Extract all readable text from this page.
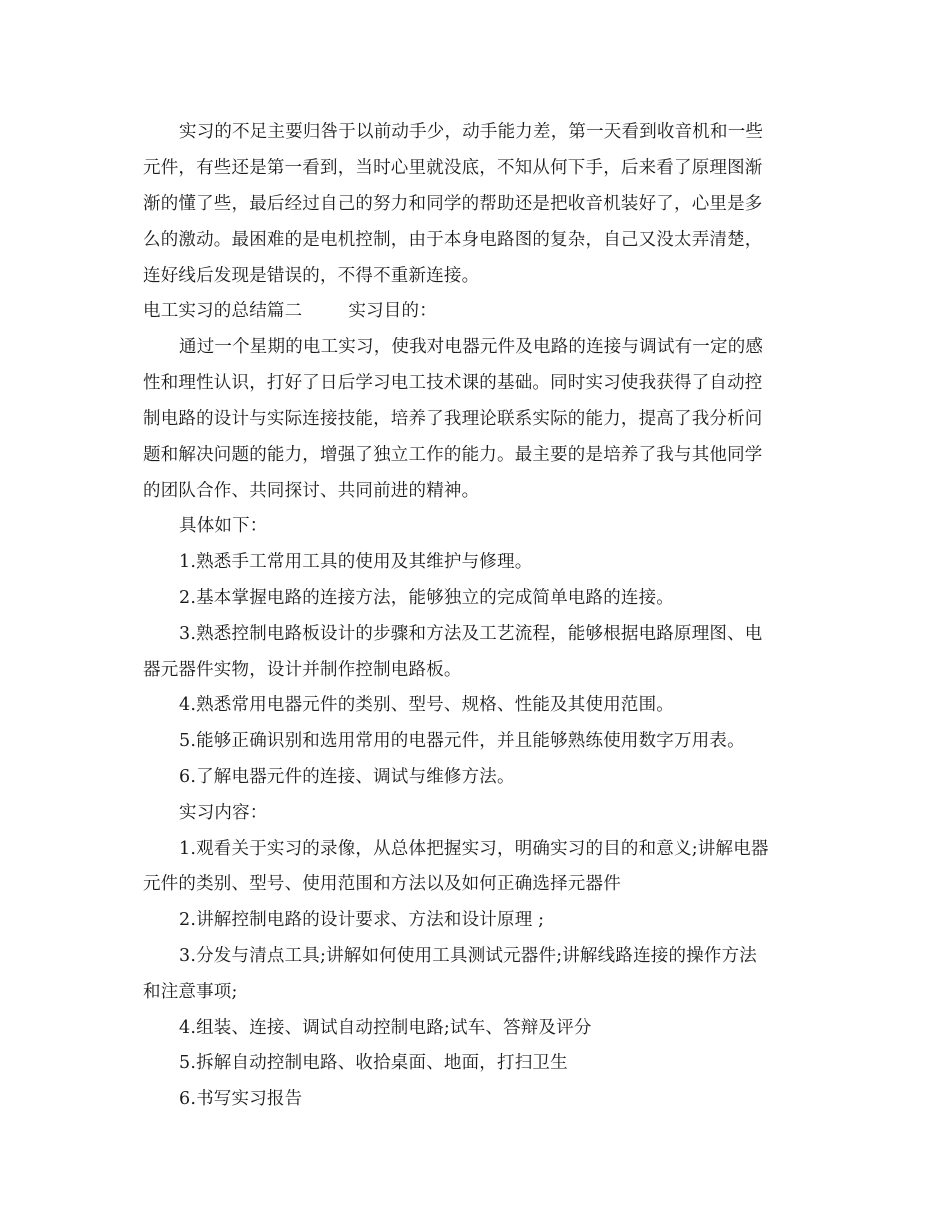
实习的不足主要归咎于以前动手少，动手能力差，第一天看到收音机和一些
元件，有些还是第一看到，当时心里就没底，不知从何下手，后来看了原理图渐
渐的懂了些，最后经过自己的努力和同学的帮助还是把收音机装好了，心里是多
么的激动。最困难的是电机控制，由于本身电路图的复杂，自己又没太弄清楚，
连好线后发现是错误的，不得不重新连接。
电工实习的总结篇二        实习目的：
通过一个星期的电工实习，使我对电器元件及电路的连接与调试有一定的感
性和理性认识，打好了日后学习电工技术课的基础。同时实习使我获得了自动控
制电路的设计与实际连接技能，培养了我理论联系实际的能力，提高了我分析问
题和解决问题的能力，增强了独立工作的能力。最主要的是培养了我与其他同学
的团队合作、共同探讨、共同前进的精神。
具体如下：
1.熟悉手工常用工具的使用及其维护与修理。
2.基本掌握电路的连接方法，能够独立的完成简单电路的连接。
3.熟悉控制电路板设计的步骤和方法及工艺流程，能够根据电路原理图、电
器元器件实物，设计并制作控制电路板。
4.熟悉常用电器元件的类别、型号、规格、性能及其使用范围。
5.能够正确识别和选用常用的电器元件，并且能够熟练使用数字万用表。
6.了解电器元件的连接、调试与维修方法。
实习内容：
1.观看关于实习的录像，从总体把握实习，明确实习的目的和意义;讲解电器
元件的类别、型号、使用范围和方法以及如何正确选择元器件
2.讲解控制电路的设计要求、方法和设计原理 ;
3.分发与清点工具;讲解如何使用工具测试元器件;讲解线路连接的操作方法
和注意事项;
4.组装、连接、调试自动控制电路;试车、答辩及评分
5.拆解自动控制电路、收拾桌面、地面，打扫卫生
6.书写实习报告
